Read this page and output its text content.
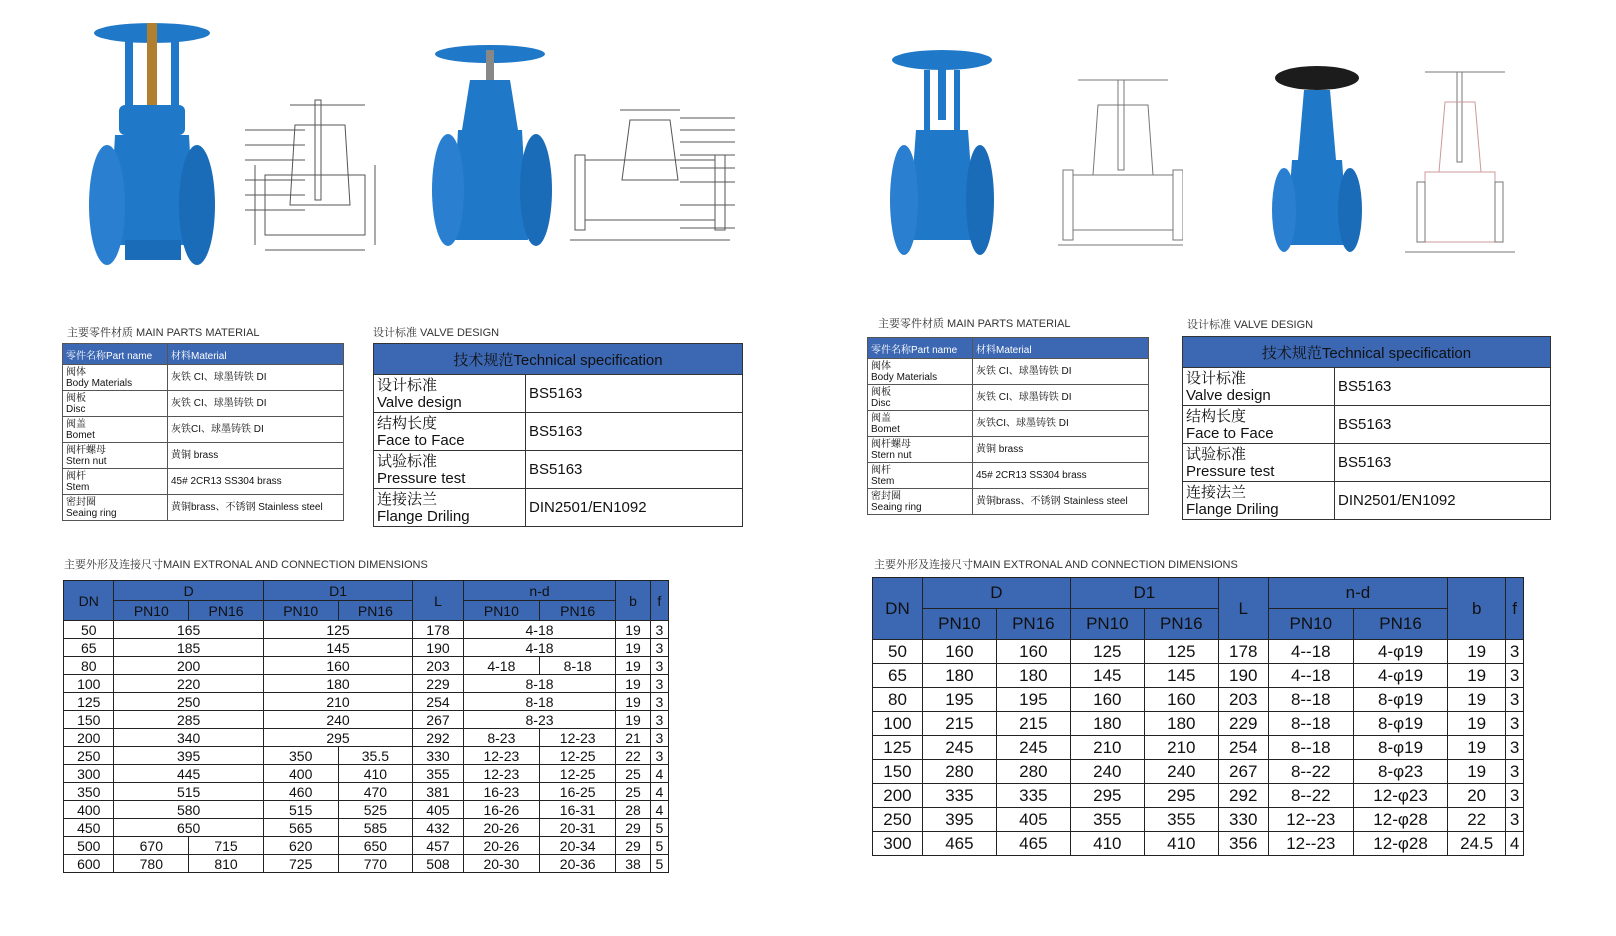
主要零件材质 MAIN PARTS MATERIAL
零件名称Part name	材料Material

阀体
Body Materials	灰铁 CI、球墨铸铁 DI

阀板
Disc	灰铁 CI、球墨铸铁 DI

阀盖
Bomet	灰铁CI、球墨铸铁 DI

阀杆螺母
Stern nut	黄铜 brass

阀杆
Stem	45# 2CR13 SS304 brass

密封圈
Seaing ring	黄铜brass、不锈钢 Stainless steel
设计标准 VALVE DESIGN
技术规范Technical specification	

设计标准
Valve design	BS5163

结构长度
Face to Face	BS5163

试验标准
Pressure test	BS5163

连接法兰
Flange Driling	DIN2501/EN1092
主要外形及连接尺寸MAIN EXTRONAL AND CONNECTION DIMENSIONS
DN	D		D1		L	n-d		b	f
	PN10	PN16	PN10	PN16		PN10	PN16		
50	165		125		178	4-18		19	3
65	185		145		190	4-18		19	3
80	200		160		203	4-18	8-18	19	3
100	220		180		229	8-18		19	3
125	250		210		254	8-18		19	3
150	285		240		267	8-23		19	3
200	340		295		292	8-23	12-23	21	3
250	395		350	35.5	330	12-23	12-25	22	3
300	445		400	410	355	12-23	12-25	25	4
350	515		460	470	381	16-23	16-25	25	4
400	580		515	525	405	16-26	16-31	28	4
450	650		565	585	432	20-26	20-31	29	5
500	670	715	620	650	457	20-26	20-34	29	5
600	780	810	725	770	508	20-30	20-36	38	5
主要零件材质 MAIN PARTS MATERIAL
零件名称Part name	材料Material

阀体
Body Materials	灰铁 CI、球墨铸铁 DI

阀板
Disc	灰铁 CI、球墨铸铁 DI

阀盖
Bomet	灰铁CI、球墨铸铁 DI

阀杆螺母
Stern nut	黄铜 brass

阀杆
Stem	45# 2CR13 SS304 brass

密封圈
Seaing ring	黄铜brass、不锈钢 Stainless steel
设计标准 VALVE DESIGN
技术规范Technical specification	

设计标准
Valve design	BS5163

结构长度
Face to Face	BS5163

试验标准
Pressure test	BS5163

连接法兰
Flange Driling	DIN2501/EN1092
主要外形及连接尺寸MAIN EXTRONAL AND CONNECTION DIMENSIONS
DN	D		D1		L	n-d		b	f
	PN10	PN16	PN10	PN16		PN10	PN16		
50	160	160	125	125	178	4--18	4-φ19	19	3
65	180	180	145	145	190	4--18	4-φ19	19	3
80	195	195	160	160	203	8--18	8-φ19	19	3
100	215	215	180	180	229	8--18	8-φ19	19	3
125	245	245	210	210	254	8--18	8-φ19	19	3
150	280	280	240	240	267	8--22	8-φ23	19	3
200	335	335	295	295	292	8--22	12-φ23	20	3
250	395	405	355	355	330	12--23	12-φ28	22	3
300	465	465	410	410	356	12--23	12-φ28	24.5	4
